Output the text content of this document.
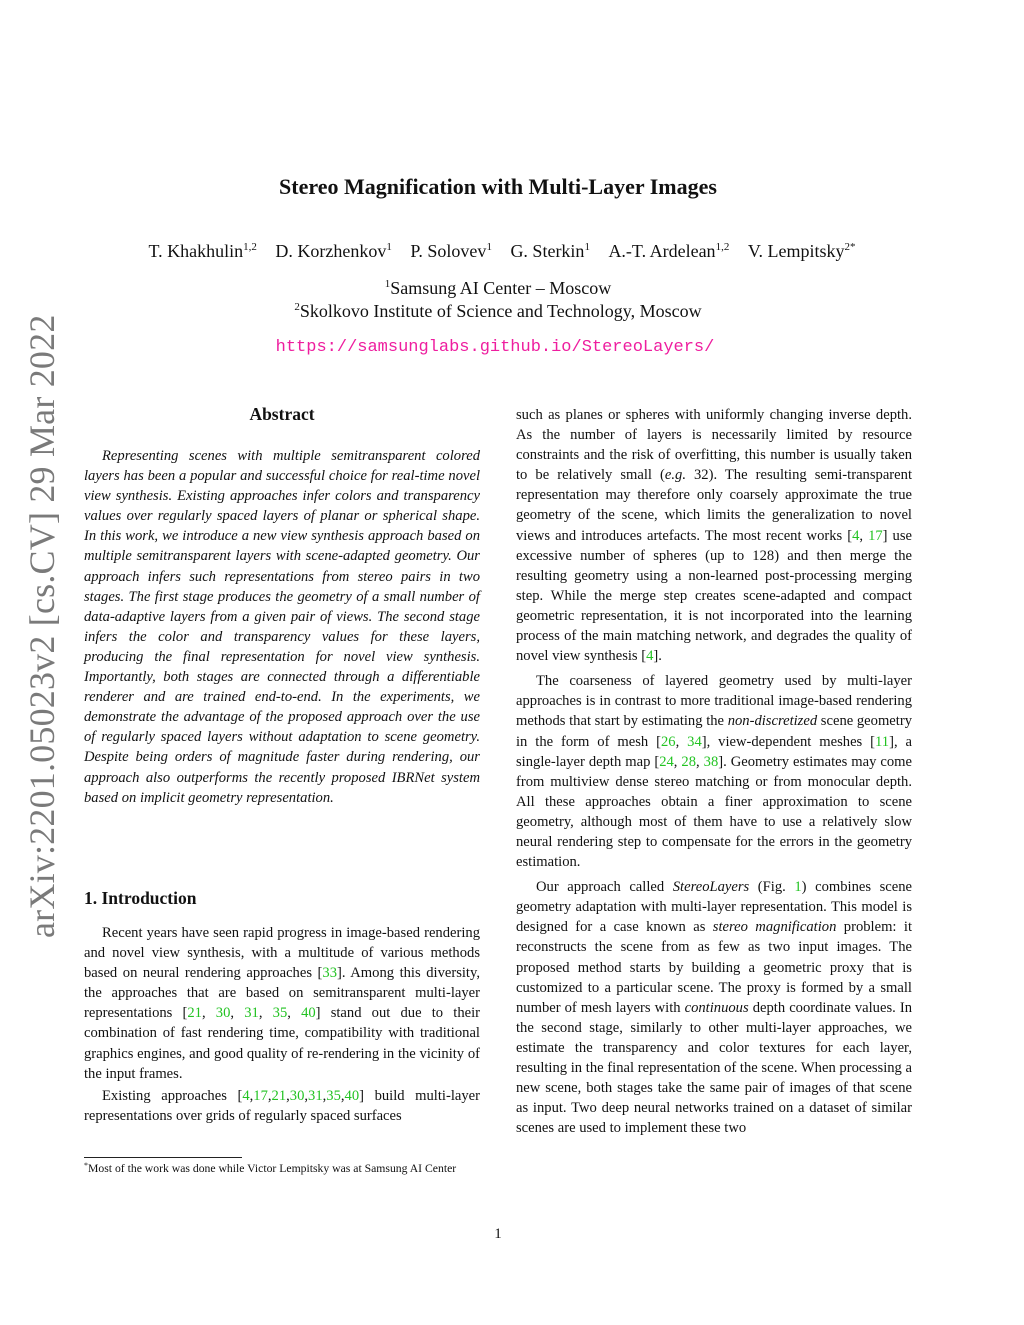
arXiv:2201.05023v2 [cs.CV] 29 Mar 2022
Stereo Magnification with Multi-Layer Images
T. Khakhulin$^{1,2}$ D. Korzhenkov$^1$ P. Solovev$^1$ G. Sterkin$^1$ A.-T. Ardelean$^{1,2}$ V. Lempitsky$^{2*}$
$^1$Samsung AI Center – Moscow
$^2$Skolkovo Institute of Science and Technology, Moscow
https://samsunglabs.github.io/StereoLayers/
Abstract

Representing scenes with multiple semitransparent colored layers has been a popular and successful choice for real-time novel view synthesis. Existing approaches infer colors and transparency values over regularly spaced layers of planar or spherical shape. In this work, we introduce a new view synthesis approach based on multiple semitransparent layers with scene-adapted geometry. Our approach infers such representations from stereo pairs in two stages. The first stage produces the geometry of a small number of data-adaptive layers from a given pair of views. The second stage infers the color and transparency values for these layers, producing the final representation for novel view synthesis. Importantly, both stages are connected through a differentiable renderer and are trained end-to-end. In the experiments, we demonstrate the advantage of the proposed approach over the use of regularly spaced layers without adaptation to scene geometry. Despite being orders of magnitude faster during rendering, our approach also outperforms the recently proposed IBRNet system based on implicit geometry representation.

1. Introduction

Recent years have seen rapid progress in image-based rendering and novel view synthesis, with a multitude of various methods based on neural rendering approaches [33]. Among this diversity, the approaches that are based on semitransparent multi-layer representations [21, 30, 31, 35, 40] stand out due to their combination of fast rendering time, compatibility with traditional graphics engines, and good quality of re-rendering in the vicinity of the input frames.

Existing approaches [4,17,21,30,31,35,40] build multi-layer representations over grids of regularly spaced surfaces

such as planes or spheres with uniformly changing inverse depth. As the number of layers is necessarily limited by resource constraints and the risk of overfitting, this number is usually taken to be relatively small (e.g. 32). The resulting semi-transparent representation may therefore only coarsely approximate the true geometry of the scene, which limits the generalization to novel views and introduces artefacts. The most recent works [4, 17] use excessive number of spheres (up to 128) and then merge the resulting geometry using a non-learned post-processing merging step. While the merge step creates scene-adapted and compact geometric representation, it is not incorporated into the learning process of the main matching network, and degrades the quality of novel view synthesis [4].

The coarseness of layered geometry used by multi-layer approaches is in contrast to more traditional image-based rendering methods that start by estimating the non-discretized scene geometry in the form of mesh [26, 34], view-dependent meshes [11], a single-layer depth map [24, 28, 38]. Geometry estimates may come from multiview dense stereo matching or from monocular depth. All these approaches obtain a finer approximation to scene geometry, although most of them have to use a relatively slow neural rendering step to compensate for the errors in the geometry estimation.

Our approach called StereoLayers (Fig. 1) combines scene geometry adaptation with multi-layer representation. This model is designed for a case known as stereo magnification problem: it reconstructs the scene from as few as two input images. The proposed method starts by building a geometric proxy that is customized to a particular scene. The proxy is formed by a small number of mesh layers with continuous depth coordinate values. In the second stage, similarly to other multi-layer approaches, we estimate the transparency and color textures for each layer, resulting in the final representation of the scene. When processing a new scene, both stages take the same pair of images of that scene as input. Two deep neural networks trained on a dataset of similar scenes are used to implement these two

*Most of the work was done while Victor Lempitsky was at Samsung AI Center
1
